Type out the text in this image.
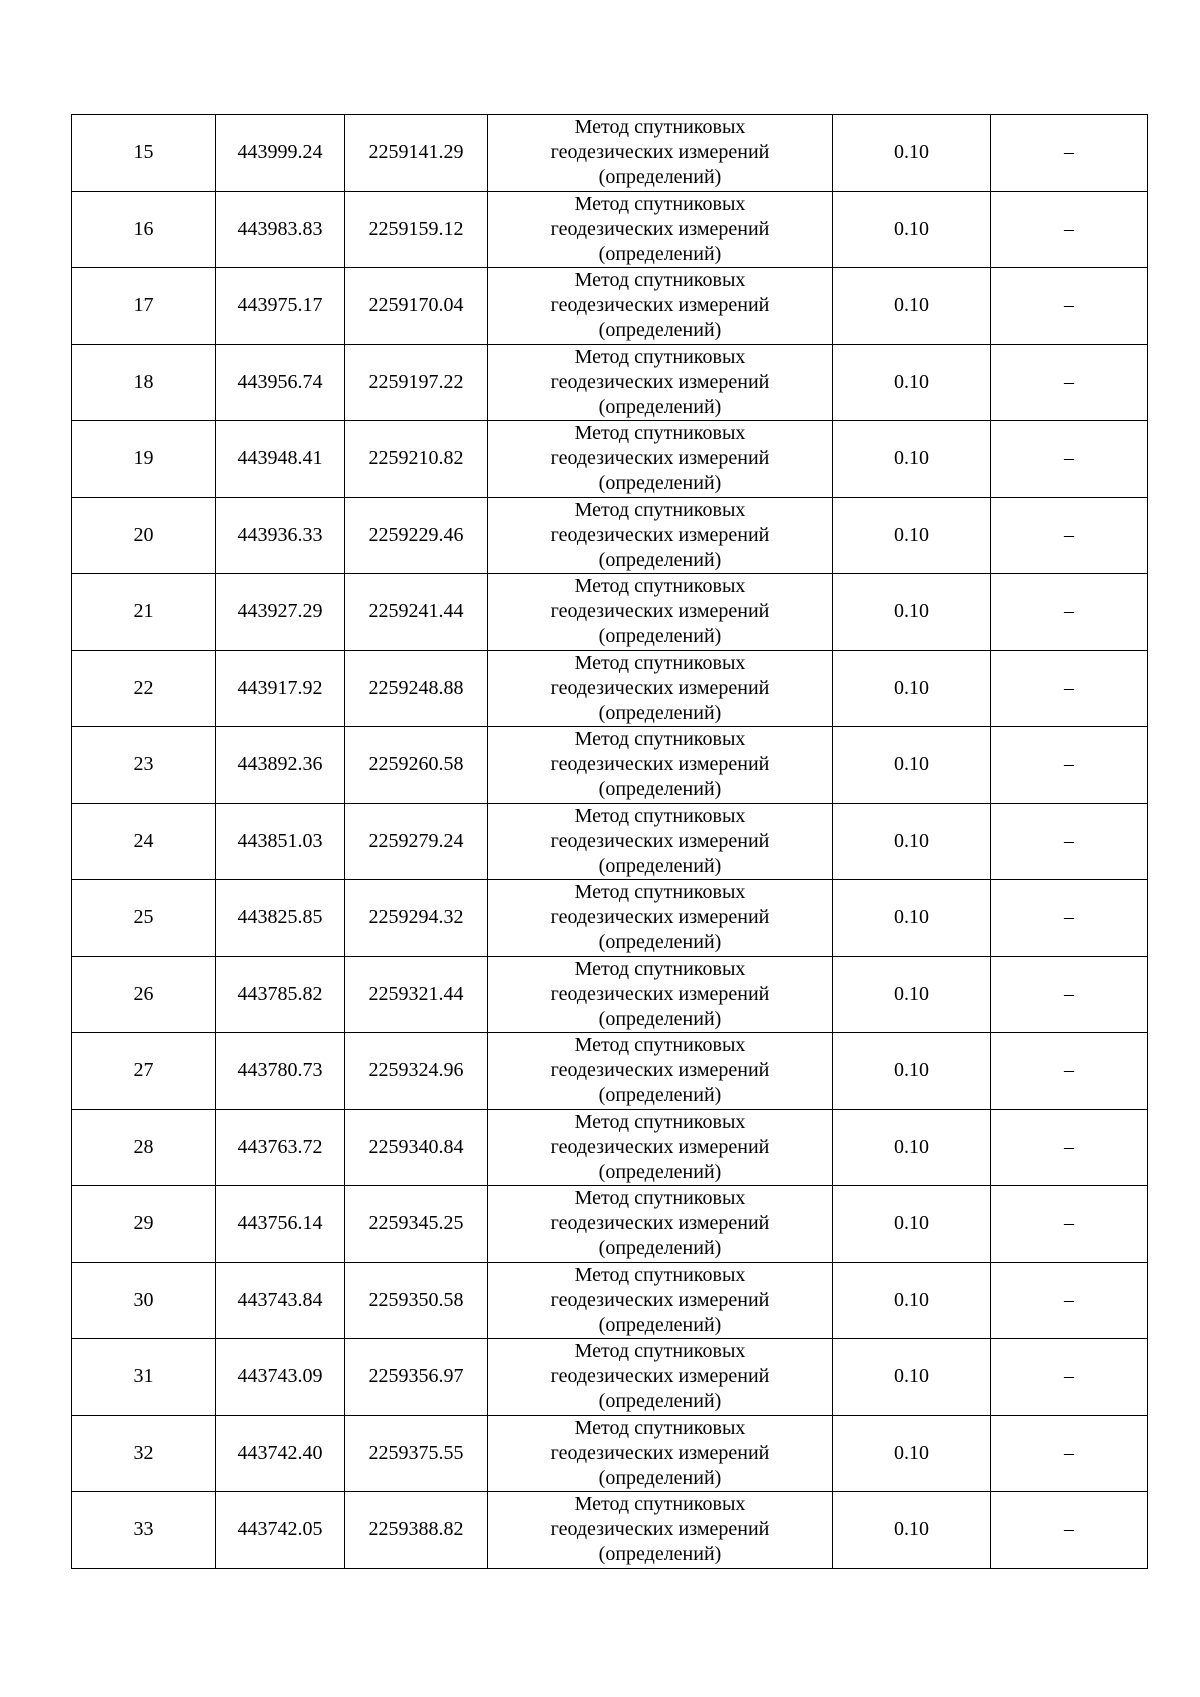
15	443999.24	2259141.29	Метод спутниковых
геодезических измерений
(определений)	0.10	–
16	443983.83	2259159.12	Метод спутниковых
геодезических измерений
(определений)	0.10	–
17	443975.17	2259170.04	Метод спутниковых
геодезических измерений
(определений)	0.10	–
18	443956.74	2259197.22	Метод спутниковых
геодезических измерений
(определений)	0.10	–
19	443948.41	2259210.82	Метод спутниковых
геодезических измерений
(определений)	0.10	–
20	443936.33	2259229.46	Метод спутниковых
геодезических измерений
(определений)	0.10	–
21	443927.29	2259241.44	Метод спутниковых
геодезических измерений
(определений)	0.10	–
22	443917.92	2259248.88	Метод спутниковых
геодезических измерений
(определений)	0.10	–
23	443892.36	2259260.58	Метод спутниковых
геодезических измерений
(определений)	0.10	–
24	443851.03	2259279.24	Метод спутниковых
геодезических измерений
(определений)	0.10	–
25	443825.85	2259294.32	Метод спутниковых
геодезических измерений
(определений)	0.10	–
26	443785.82	2259321.44	Метод спутниковых
геодезических измерений
(определений)	0.10	–
27	443780.73	2259324.96	Метод спутниковых
геодезических измерений
(определений)	0.10	–
28	443763.72	2259340.84	Метод спутниковых
геодезических измерений
(определений)	0.10	–
29	443756.14	2259345.25	Метод спутниковых
геодезических измерений
(определений)	0.10	–
30	443743.84	2259350.58	Метод спутниковых
геодезических измерений
(определений)	0.10	–
31	443743.09	2259356.97	Метод спутниковых
геодезических измерений
(определений)	0.10	–
32	443742.40	2259375.55	Метод спутниковых
геодезических измерений
(определений)	0.10	–
33	443742.05	2259388.82	Метод спутниковых
геодезических измерений
(определений)	0.10	–
